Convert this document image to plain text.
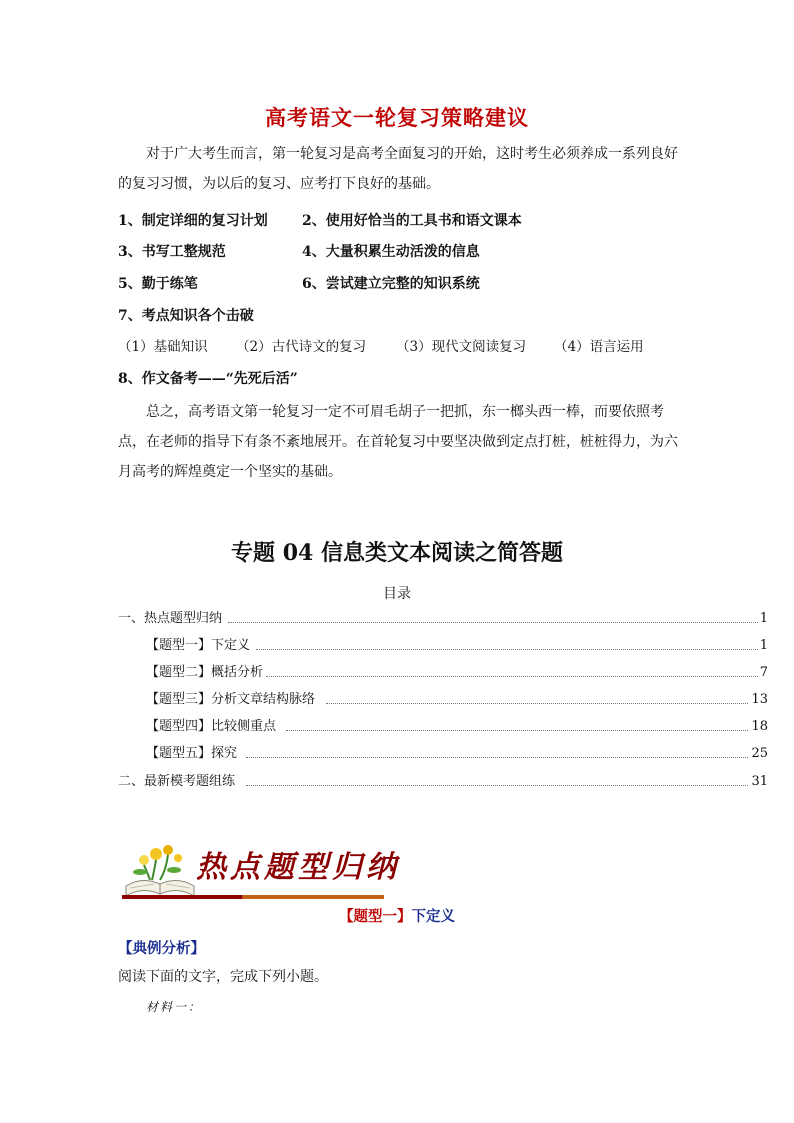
高考语文一轮复习策略建议
对于广大考生而言，第一轮复习是高考全面复习的开始，这时考生必须养成一系列良好的复习习惯，为以后的复习、应考打下良好的基础。
1、制定详细的复习计划 2、使用好恰当的工具书和语文课本
3、书写工整规范	4、大量积累生动活泼的信息
5、勤于练笔	6、尝试建立完整的知识系统
7、考点知识各个击破
（1）基础知识 （2）古代诗文的复习 （3）现代文阅读复习 （4）语言运用
8、作文备考——“先死后活”
总之，高考语文第一轮复习一定不可眉毛胡子一把抓，东一榔头西一棒，而要依照考点，在老师的指导下有条不紊地展开。在首轮复习中要坚决做到定点打桩，桩桩得力，为六月高考的辉煌奠定一个坚实的基础。
专题 04 信息类文本阅读之简答题
目录
一、热点题型归纳	1
【题型一】下定义	1
【题型二】概括分析	7
【题型三】分析文章结构脉络	13
【题型四】比较侧重点	18
【题型五】探究	25
二、最新模考题组练	31
热点题型归纳
【题型一】下定义
【典例分析】
阅读下面的文字，完成下列小题。
材料一：
